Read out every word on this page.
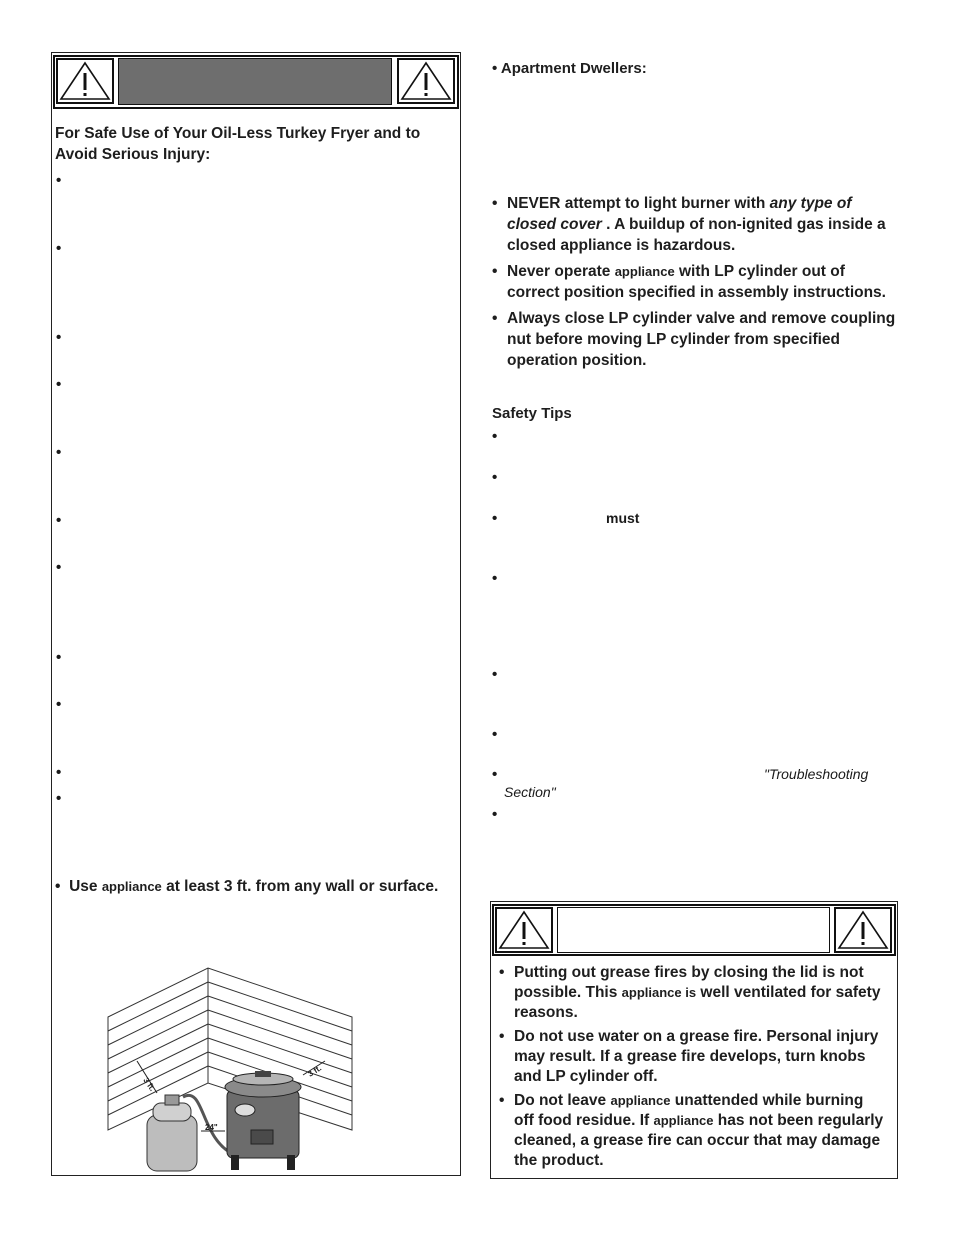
For Safe Use of Your Oil-Less Turkey Fryer and to Avoid Serious Injury:
•
•
•
•
•
•
•
•
•
•
•
• Use appliance at least 3 ft. from any wall or surface.
3 ft.
24"
3 ft.
• Apartment Dwellers:
• NEVER attempt to light burner with any type of
closed cover . A buildup of non-ignited gas inside a
closed appliance is hazardous.
• Never operate appliance with LP cylinder out of
correct position specified in assembly instructions.
• Always close LP cylinder valve and remove coupling
nut before moving LP cylinder from specified
operation position.
Safety Tips
•
•
•	must
•
•
•
•	"Troubleshooting
Section"
•
• Putting out grease fires by closing the lid is not
possible. This appliance is well ventilated for safety
reasons.
• Do not use water on a grease fire. Personal injury
may result. If a grease fire develops, turn knobs
and LP cylinder off.
• Do not leave appliance unattended while burning
off food residue. If appliance has not been regularly
cleaned, a grease fire can occur that may damage
the product.
